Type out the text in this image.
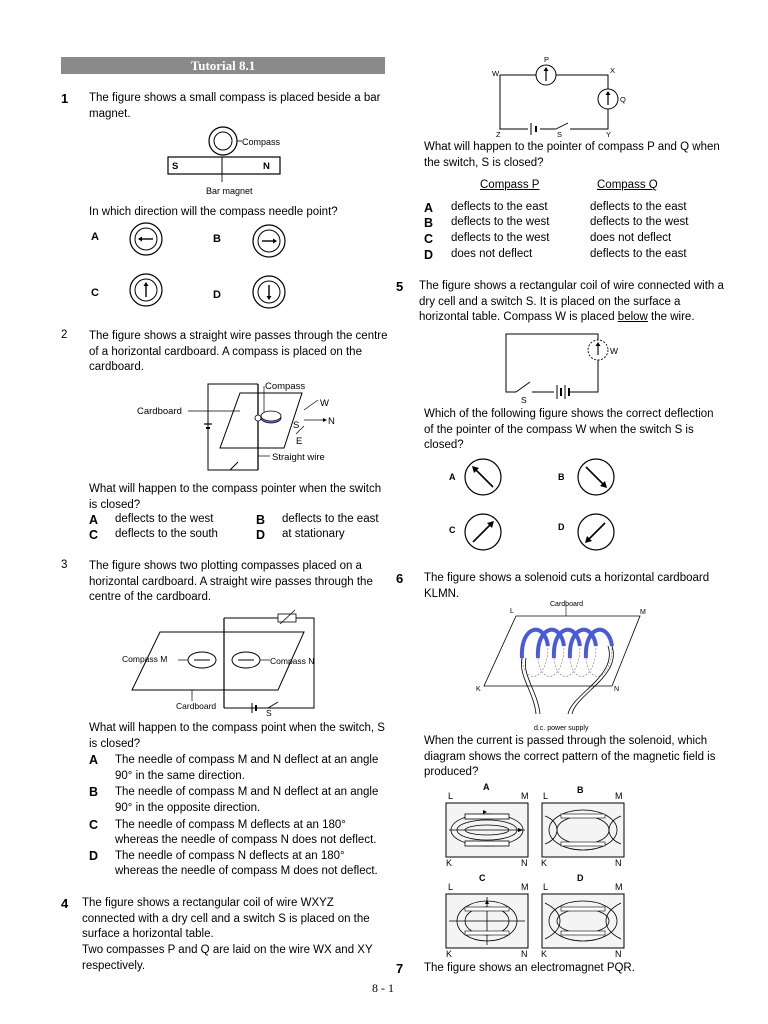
Tutorial 8.1
1 The figure shows a small compass is placed beside a bar magnet.
Compass
S	N
Bar magnet
In which direction will the compass needle point?
A	B
C	D
2 The figure shows a straight wire passes through the centre of a horizontal cardboard. A compass is placed on the cardboard.
Compass
Cardboard
W
S	N
E
Straight wire
What will happen to the compass pointer when the switch is closed?
A deflects to the west	B deflects to the east
C deflects to the south	D at stationary
3 The figure shows two plotting compasses placed on a horizontal cardboard. A straight wire passes through the centre of the cardboard.
Compass M	Compass N
Cardboard
S
What will happen to the compass point when the switch, S is closed?
A The needle of compass M and N deflect at an angle
90° in the same direction.
B The needle of compass M and N deflect at an angle
90° in the opposite direction.
C The needle of compass M deflects at an 180°
whereas the needle of compass N does not deflect.
D The needle of compass N deflects at an 180°
whereas the needle of compass M does not deflect.
4 The figure shows a rectangular coil of wire WXYZ connected with a dry cell and a switch S is placed on the surface a horizontal table.
Two compasses P and Q are laid on the wire WX and XY respectively.
W	X
P
Q
Z	S	Y
What will happen to the pointer of compass P and Q when the switch, S is closed?
Compass P	Compass Q
A deflects to the east	deflects to the east
B deflects to the west	deflects to the west
C deflects to the west	does not deflect
D does not deflect	deflects to the east
5 The figure shows a rectangular coil of wire connected with a dry cell and a switch S. It is placed on the surface a horizontal table. Compass W is placed below the wire.
W
S
Which of the following figure shows the correct deflection of the pointer of the compass W when the switch S is closed?
A	B
C	D
6 The figure shows a solenoid cuts a horizontal cardboard KLMN.
Cardboard
L	M
K	N
d.c. power supply
When the current is passed through the solenoid, which diagram shows the correct pattern of the magnetic field is produced?
A	B
C	D
L	M
K	N
L	M
K	N
L	M
K	N
L	M
K	N
7 The figure shows an electromagnet PQR.
8 - 1
